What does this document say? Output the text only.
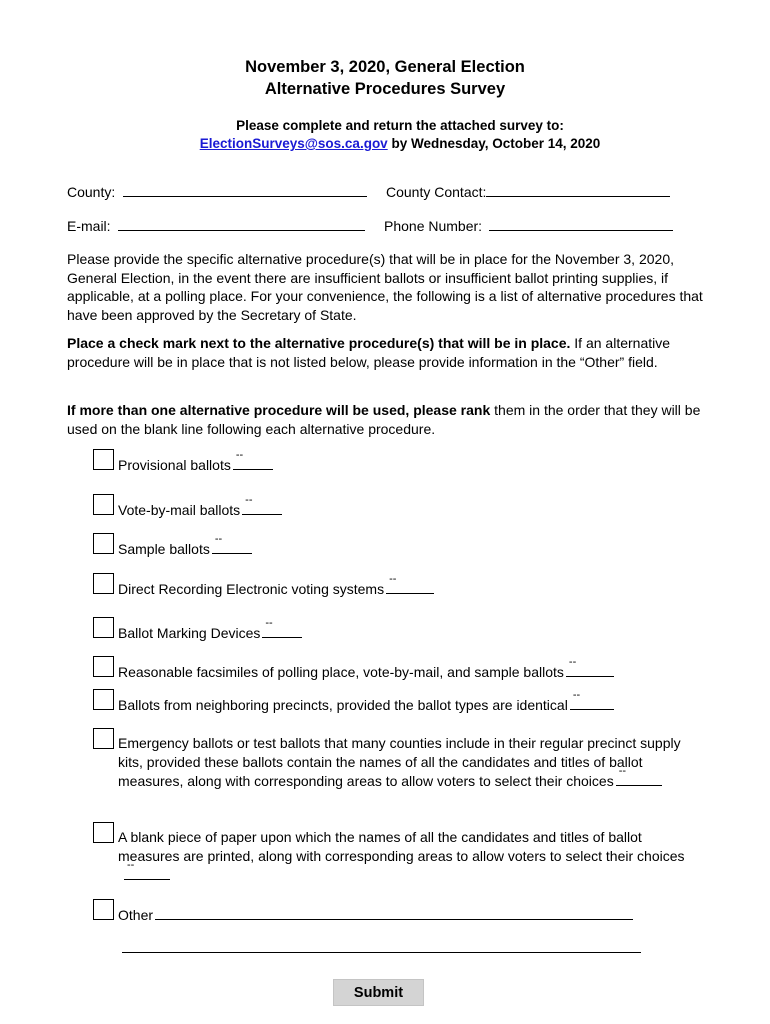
November 3, 2020, General Election
Alternative Procedures Survey
Please complete and return the attached survey to:
ElectionSurveys@sos.ca.gov by Wednesday, October 14, 2020
County:	County Contact:
E-mail:	Phone Number:
Please provide the specific alternative procedure(s) that will be in place for the November 3, 2020, General Election, in the event there are insufficient ballots or insufficient ballot printing supplies, if applicable, at a polling place. For your convenience, the following is a list of alternative procedures that have been approved by the Secretary of State.
Place a check mark next to the alternative procedure(s) that will be in place. If an alternative procedure will be in place that is not listed below, please provide information in the “Other” field.
If more than one alternative procedure will be used, please rank them in the order that they will be used on the blank line following each alternative procedure.
Provisional ballots--
Vote-by-mail ballots--
Sample ballots--
Direct Recording Electronic voting systems--
Ballot Marking Devices--
Reasonable facsimiles of polling place, vote-by-mail, and sample ballots--
Ballots from neighboring precincts, provided the ballot types are identical--
Emergency ballots or test ballots that many counties include in their regular precinct supply kits, provided these ballots contain the names of all the candidates and titles of ballot measures, along with corresponding areas to allow voters to select their choices--
A blank piece of paper upon which the names of all the candidates and titles of ballot measures are printed, along with corresponding areas to allow voters to select their choices--
Other
Submit
